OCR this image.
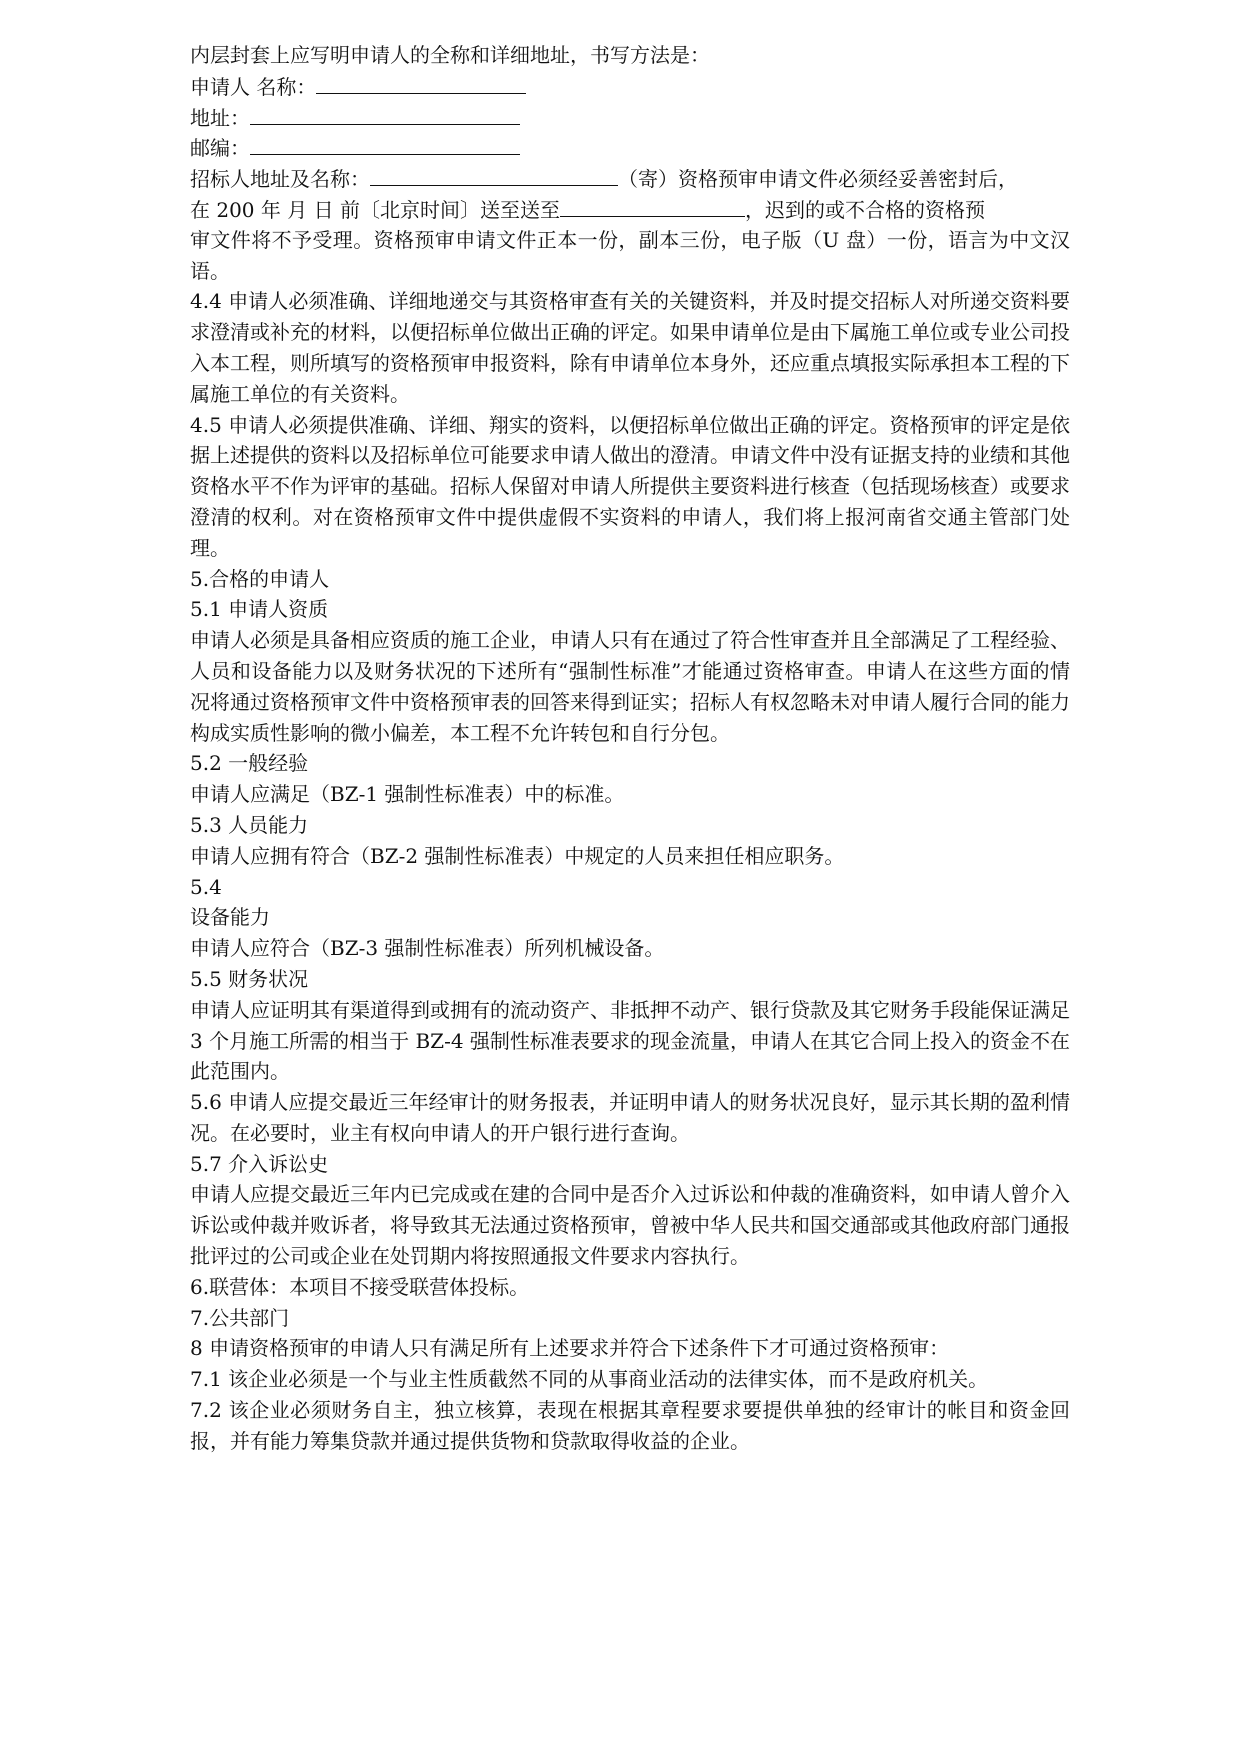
内层封套上应写明申请人的全称和详细地址，书写方法是：
申请人 名称：
地址：
邮编：
招标人地址及名称：	（寄）资格预审申请文件必须经妥善密封后，
在 200 年 月 日 前〔北京时间〕送至送至	，迟到的或不合格的资格预
审文件将不予受理。资格预审申请文件正本一份，副本三份，电子版（U 盘）一份，语言为中文汉语。
4.4 申请人必须准确、详细地递交与其资格审查有关的关键资料，并及时提交招标人对所递交资料要求澄清或补充的材料，以便招标单位做出正确的评定。如果申请单位是由下属施工单位或专业公司投入本工程，则所填写的资格预审申报资料，除有申请单位本身外，还应重点填报实际承担本工程的下属施工单位的有关资料。
4.5 申请人必须提供准确、详细、翔实的资料，以便招标单位做出正确的评定。资格预审的评定是依据上述提供的资料以及招标单位可能要求申请人做出的澄清。申请文件中没有证据支持的业绩和其他资格水平不作为评审的基础。招标人保留对申请人所提供主要资料进行核查（包括现场核查）或要求澄清的权利。对在资格预审文件中提供虚假不实资料的申请人，我们将上报河南省交通主管部门处理。
5.合格的申请人
5.1 申请人资质
申请人必须是具备相应资质的施工企业，申请人只有在通过了符合性审查并且全部满足了工程经验、人员和设备能力以及财务状况的下述所有“强制性标准”才能通过资格审查。申请人在这些方面的情况将通过资格预审文件中资格预审表的回答来得到证实；招标人有权忽略未对申请人履行合同的能力构成实质性影响的微小偏差，本工程不允许转包和自行分包。
5.2 一般经验
申请人应满足（BZ-1 强制性标准表）中的标准。
5.3 人员能力
申请人应拥有符合（BZ-2 强制性标准表）中规定的人员来担任相应职务。
5.4
设备能力
申请人应符合（BZ-3 强制性标准表）所列机械设备。
5.5 财务状况
申请人应证明其有渠道得到或拥有的流动资产、非抵押不动产、银行贷款及其它财务手段能保证满足 3 个月施工所需的相当于 BZ-4 强制性标准表要求的现金流量，申请人在其它合同上投入的资金不在此范围内。
5.6 申请人应提交最近三年经审计的财务报表，并证明申请人的财务状况良好，显示其长期的盈利情况。在必要时，业主有权向申请人的开户银行进行查询。
5.7 介入诉讼史
申请人应提交最近三年内已完成或在建的合同中是否介入过诉讼和仲裁的准确资料，如申请人曾介入诉讼或仲裁并败诉者，将导致其无法通过资格预审，曾被中华人民共和国交通部或其他政府部门通报批评过的公司或企业在处罚期内将按照通报文件要求内容执行。
6.联营体：本项目不接受联营体投标。
7.公共部门
8 申请资格预审的申请人只有满足所有上述要求并符合下述条件下才可通过资格预审：
7.1 该企业必须是一个与业主性质截然不同的从事商业活动的法律实体，而不是政府机关。
7.2 该企业必须财务自主，独立核算，表现在根据其章程要求要提供单独的经审计的帐目和资金回报，并有能力筹集贷款并通过提供货物和贷款取得收益的企业。
